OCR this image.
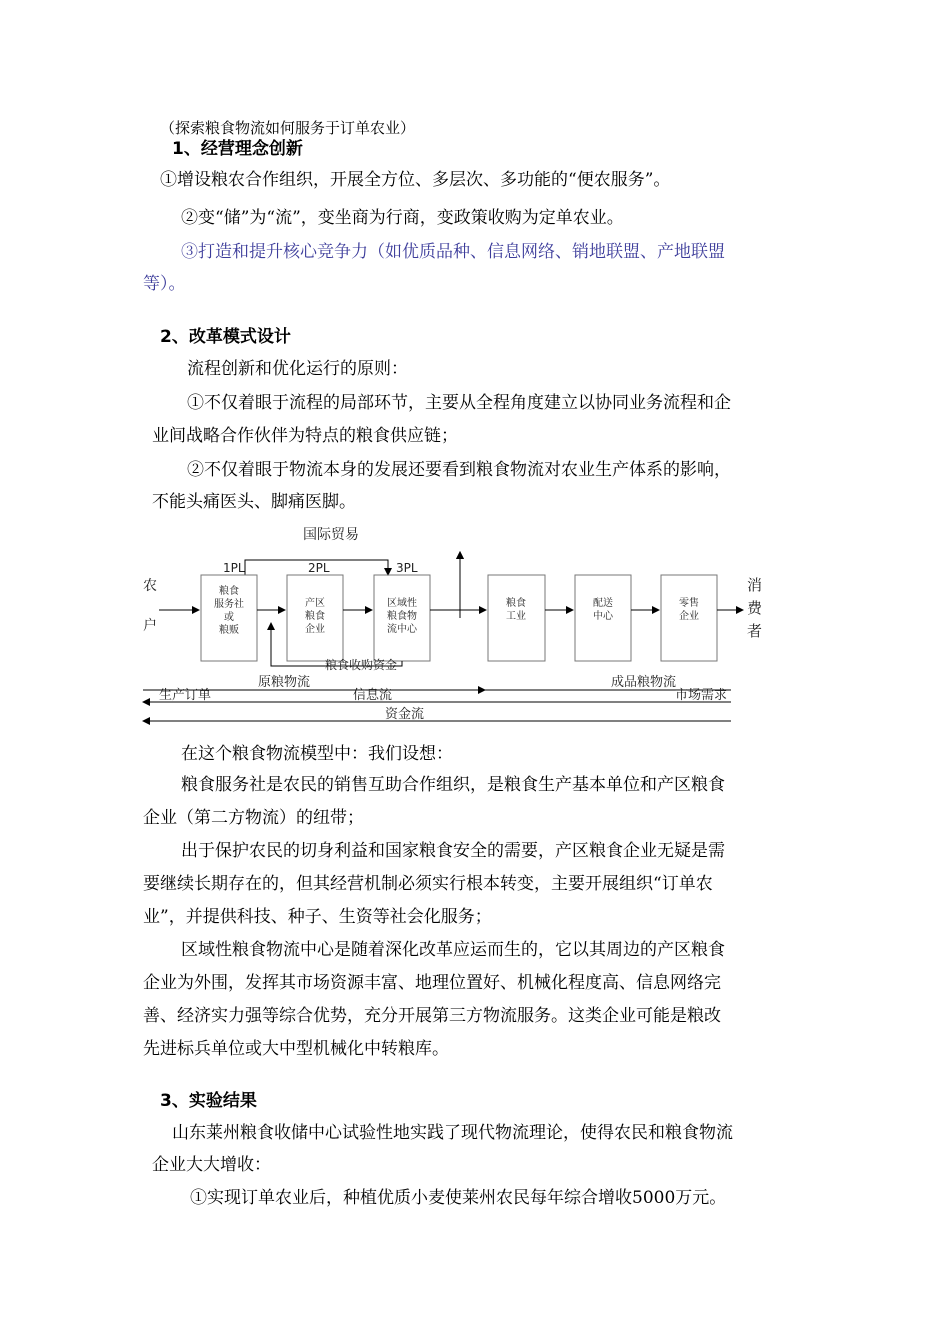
（探索粮食物流如何服务于订单农业）
1、经营理念创新
①增设粮农合作组织，开展全方位、多层次、多功能的“便农服务”。
②变“储”为“流”，变坐商为行商，变政策收购为定单农业。
③打造和提升核心竞争力（如优质品种、信息网络、销地联盟、产地联盟
等）。
2、改革模式设计
流程创新和优化运行的原则：
①不仅着眼于流程的局部环节，主要从全程角度建立以协同业务流程和企
业间战略合作伙伴为特点的粮食供应链；
②不仅着眼于物流本身的发展还要看到粮食物流对农业生产体系的影响，
不能头痛医头、脚痛医脚。
国际贸易
1PL	2PL	3PL
农
户
消
费
者
粮食
服务社
或
粮贩
产区
粮食
企业
区域性
粮食物
流中心
粮食
工业
配送
中心
零售
企业
粮食收购资金
原粮物流	成品粮物流
生产订单	信息流	市场需求
资金流
在这个粮食物流模型中：我们设想：
粮食服务社是农民的销售互助合作组织，是粮食生产基本单位和产区粮食
企业（第二方物流）的纽带；
出于保护农民的切身利益和国家粮食安全的需要，产区粮食企业无疑是需
要继续长期存在的，但其经营机制必须实行根本转变，主要开展组织“订单农
业”，并提供科技、种子、生资等社会化服务；
区域性粮食物流中心是随着深化改革应运而生的，它以其周边的产区粮食
企业为外围，发挥其市场资源丰富、地理位置好、机械化程度高、信息网络完
善、经济实力强等综合优势，充分开展第三方物流服务。这类企业可能是粮改
先进标兵单位或大中型机械化中转粮库。
3、实验结果
山东莱州粮食收储中心试验性地实践了现代物流理论，使得农民和粮食物流
企业大大增收：
①实现订单农业后，种植优质小麦使莱州农民每年综合增收5000万元。
